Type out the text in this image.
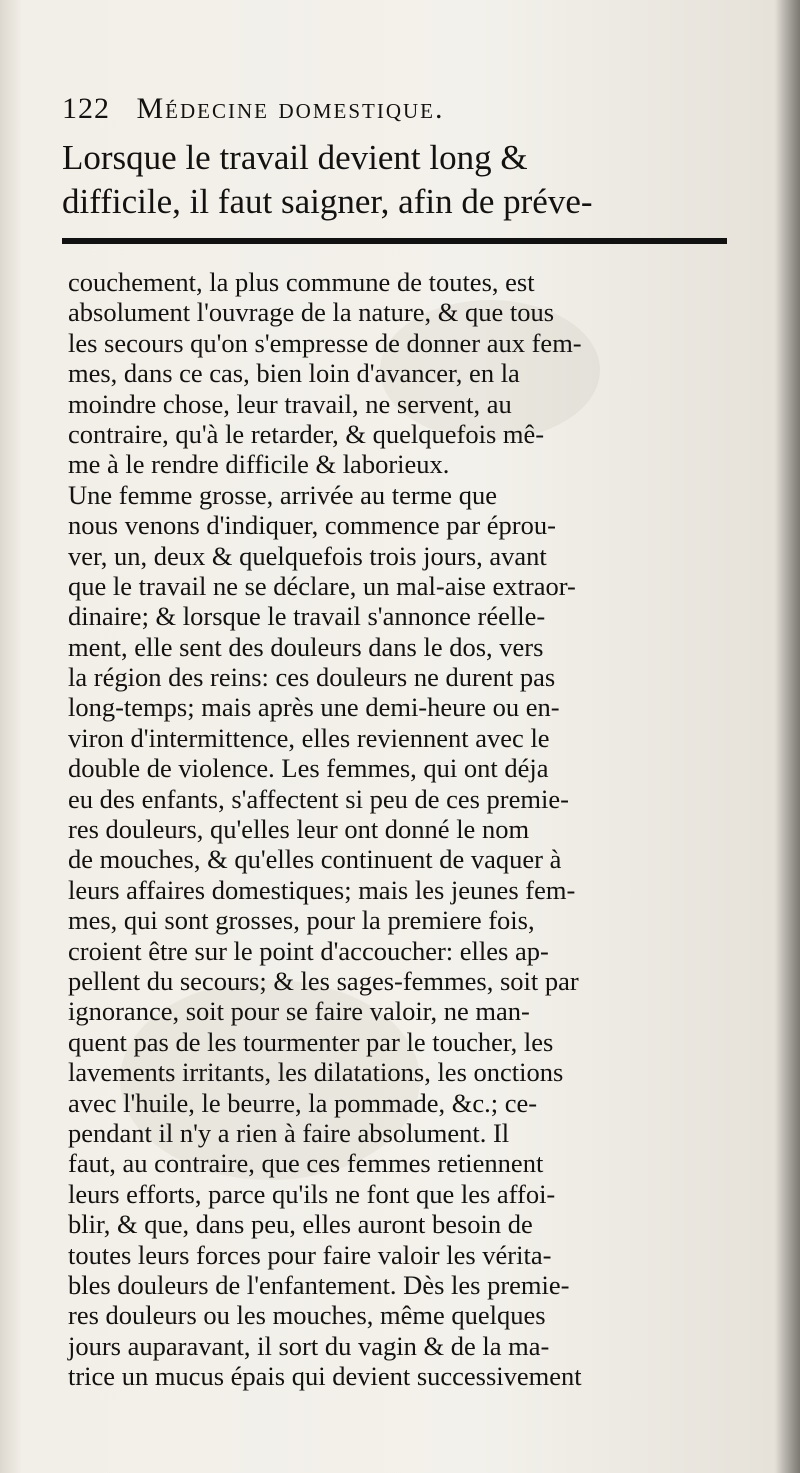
122 Médecine domestique.
Lorsque le travail devient long &
difficile, il faut saigner, afin de préve-
couchement, la plus commune de toutes, est
absolument l'ouvrage de la nature, & que tous
les secours qu'on s'empresse de donner aux fem-
mes, dans ce cas, bien loin d'avancer, en la
moindre chose, leur travail, ne servent, au
contraire, qu'à le retarder, & quelquefois mê-
me à le rendre difficile & laborieux.
Une femme grosse, arrivée au terme que
nous venons d'indiquer, commence par éprou-
ver, un, deux & quelquefois trois jours, avant
que le travail ne se déclare, un mal-aise extraor-
dinaire; & lorsque le travail s'annonce réelle-
ment, elle sent des douleurs dans le dos, vers
la région des reins: ces douleurs ne durent pas
long-temps; mais après une demi-heure ou en-
viron d'intermittence, elles reviennent avec le
double de violence. Les femmes, qui ont déja
eu des enfants, s'affectent si peu de ces premie-
res douleurs, qu'elles leur ont donné le nom
de mouches, & qu'elles continuent de vaquer à
leurs affaires domestiques; mais les jeunes fem-
mes, qui sont grosses, pour la premiere fois,
croient être sur le point d'accoucher: elles ap-
pellent du secours; & les sages-femmes, soit par
ignorance, soit pour se faire valoir, ne man-
quent pas de les tourmenter par le toucher, les
lavements irritants, les dilatations, les onctions
avec l'huile, le beurre, la pommade, &c.; ce-
pendant il n'y a rien à faire absolument. Il
faut, au contraire, que ces femmes retiennent
leurs efforts, parce qu'ils ne font que les affoi-
blir, & que, dans peu, elles auront besoin de
toutes leurs forces pour faire valoir les vérita-
bles douleurs de l'enfantement. Dès les premie-
res douleurs ou les mouches, même quelques
jours auparavant, il sort du vagin & de la ma-
trice un mucus épais qui devient successivement
